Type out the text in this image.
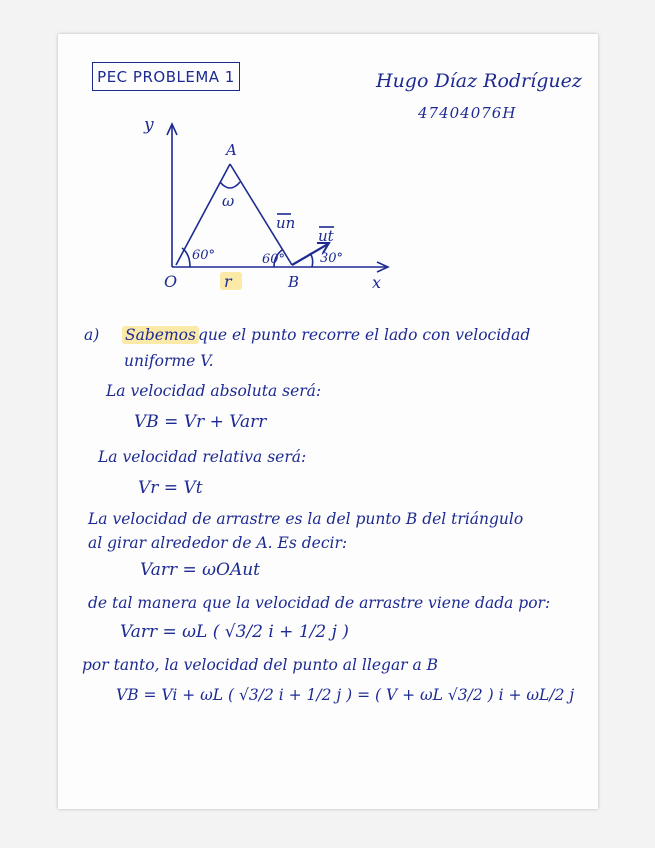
PEC PROBLEMA 1	Hugo Díaz Rodríguez
47404076H
y
x
O
A
B
ω
60°	60°	30°
r
un
ut
a) Sabemos que el punto recorre el lado con velocidad
uniforme V.
La velocidad absoluta será:
VB = Vr + Varr
La velocidad relativa será:
Vr = Vt
La velocidad de arrastre es la del punto B del triángulo
al girar alrededor de A. Es decir:
Varr = ωOAut
de tal manera que la velocidad de arrastre viene dada por:
Varr = ωL ( √3/2 i + 1/2 j )
por tanto, la velocidad del punto al llegar a B
VB = Vi + ωL ( √3/2 i + 1/2 j ) = ( V + ωL √3/2 ) i + ωL/2 j
